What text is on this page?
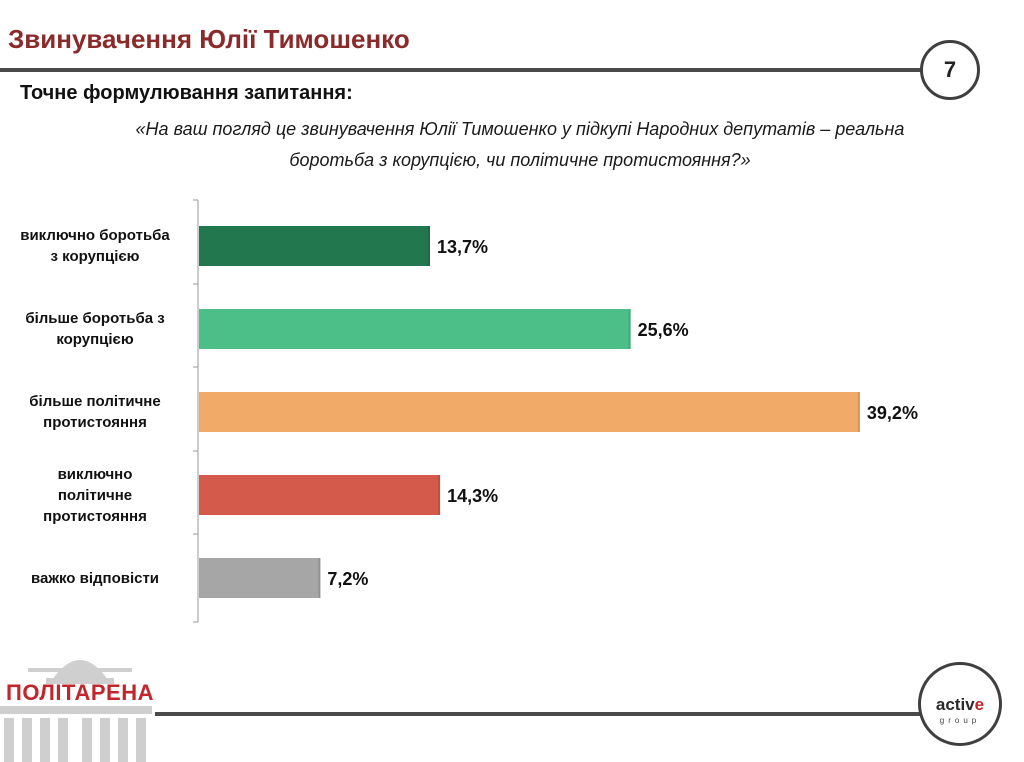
Звинувачення Юлії Тимошенко
7
Точне формулювання запитання:

«На ваш погляд це звинувачення Юлії Тимошенко у підкупі Народних депутатів – реальна
боротьба з корупцією, чи політичне протистояння?»

виключно боротьба
з корупцією
більше боротьба з
корупцією
більше політичне
протистояння
виключно
політичне
протистояння
важко відповісти
13,7%
25,6%
39,2%
14,3%
7,2%
ПОЛІТАРЕНА	active
group
